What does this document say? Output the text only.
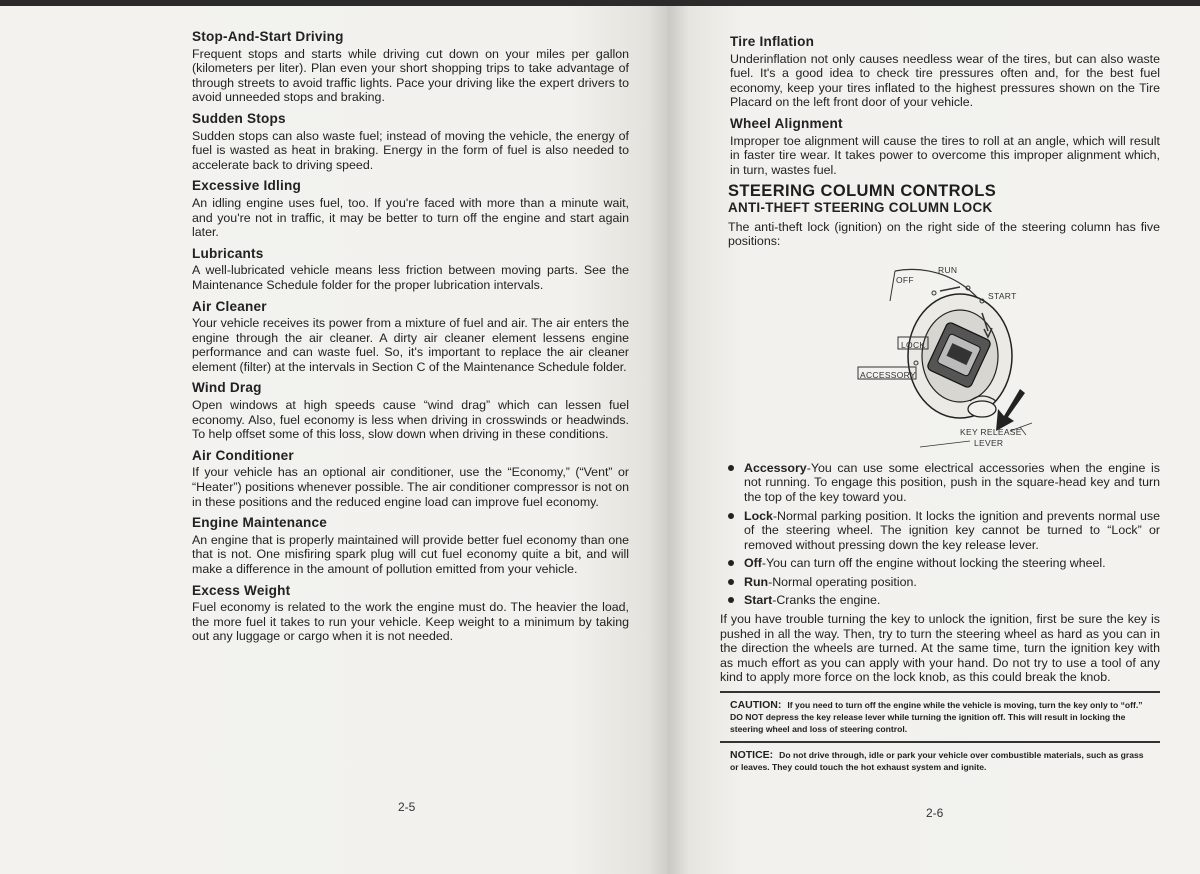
Stop-And-Start Driving

Frequent stops and starts while driving cut down on your miles per gallon (kilometers per liter). Plan even your short shopping trips to take advantage of through streets to avoid traffic lights. Pace your driving like the expert drivers to avoid unneeded stops and braking.

Sudden Stops

Sudden stops can also waste fuel; instead of moving the vehicle, the energy of fuel is wasted as heat in braking. Energy in the form of fuel is also needed to accelerate back to driving speed.

Excessive Idling

An idling engine uses fuel, too. If you're faced with more than a minute wait, and you're not in traffic, it may be better to turn off the engine and start again later.

Lubricants

A well-lubricated vehicle means less friction between moving parts. See the Maintenance Schedule folder for the proper lubrication intervals.

Air Cleaner

Your vehicle receives its power from a mixture of fuel and air. The air enters the engine through the air cleaner. A dirty air cleaner element lessens engine performance and can waste fuel. So, it's important to replace the air cleaner element (filter) at the intervals in Section C of the Maintenance Schedule folder.

Wind Drag

Open windows at high speeds cause “wind drag” which can lessen fuel economy. Also, fuel economy is less when driving in crosswinds or headwinds. To help offset some of this loss, slow down when driving in these conditions.

Air Conditioner

If your vehicle has an optional air conditioner, use the “Economy,” (“Vent” or “Heater”) positions whenever possible. The air conditioner compressor is not on in these positions and the reduced engine load can improve fuel economy.

Engine Maintenance

An engine that is properly maintained will provide better fuel economy than one that is not. One misfiring spark plug will cut fuel economy quite a bit, and will make a difference in the amount of pollution emitted from your vehicle.

Excess Weight

Fuel economy is related to the work the engine must do. The heavier the load, the more fuel it takes to run your vehicle. Keep weight to a minimum by taking out any luggage or cargo when it is not needed.

2-5
Tire Inflation

Underinflation not only causes needless wear of the tires, but can also waste fuel. It's a good idea to check tire pressures often and, for the best fuel economy, keep your tires inflated to the highest pressures shown on the Tire Placard on the left front door of your vehicle.

Wheel Alignment

Improper toe alignment will cause the tires to roll at an angle, which will result in faster tire wear. It takes power to overcome this improper alignment which, in turn, wastes fuel.

STEERING COLUMN CONTROLS
ANTI-THEFT STEERING COLUMN LOCK

The anti-theft lock (ignition) on the right side of the steering column has five positions:

RUN
OFF
START
LOCK
ACCESSORY
KEY RELEASE
LEVER
Accessory-You can use some electrical accessories when the engine is not running. To engage this position, push in the square-head key and turn the top of the key toward you.
Lock-Normal parking position. It locks the ignition and prevents normal use of the steering wheel. The ignition key cannot be turned to “Lock” or removed without pressing down the key release lever.
Off-You can turn off the engine without locking the steering wheel.
Run-Normal operating position.
Start-Cranks the engine.

If you have trouble turning the key to unlock the ignition, first be sure the key is pushed in all the way. Then, try to turn the steering wheel as hard as you can in the direction the wheels are turned. At the same time, turn the ignition key with as much effort as you can apply with your hand. Do not try to use a tool of any kind to apply more force on the lock knob, as this could break the knob.

CAUTION: If you need to turn off the engine while the vehicle is moving, turn the key only to “off.” DO NOT depress the key release lever while turning the ignition off. This will result in locking the steering wheel and loss of steering control.
NOTICE: Do not drive through, idle or park your vehicle over combustible materials, such as grass or leaves. They could touch the hot exhaust system and ignite.
2-6
